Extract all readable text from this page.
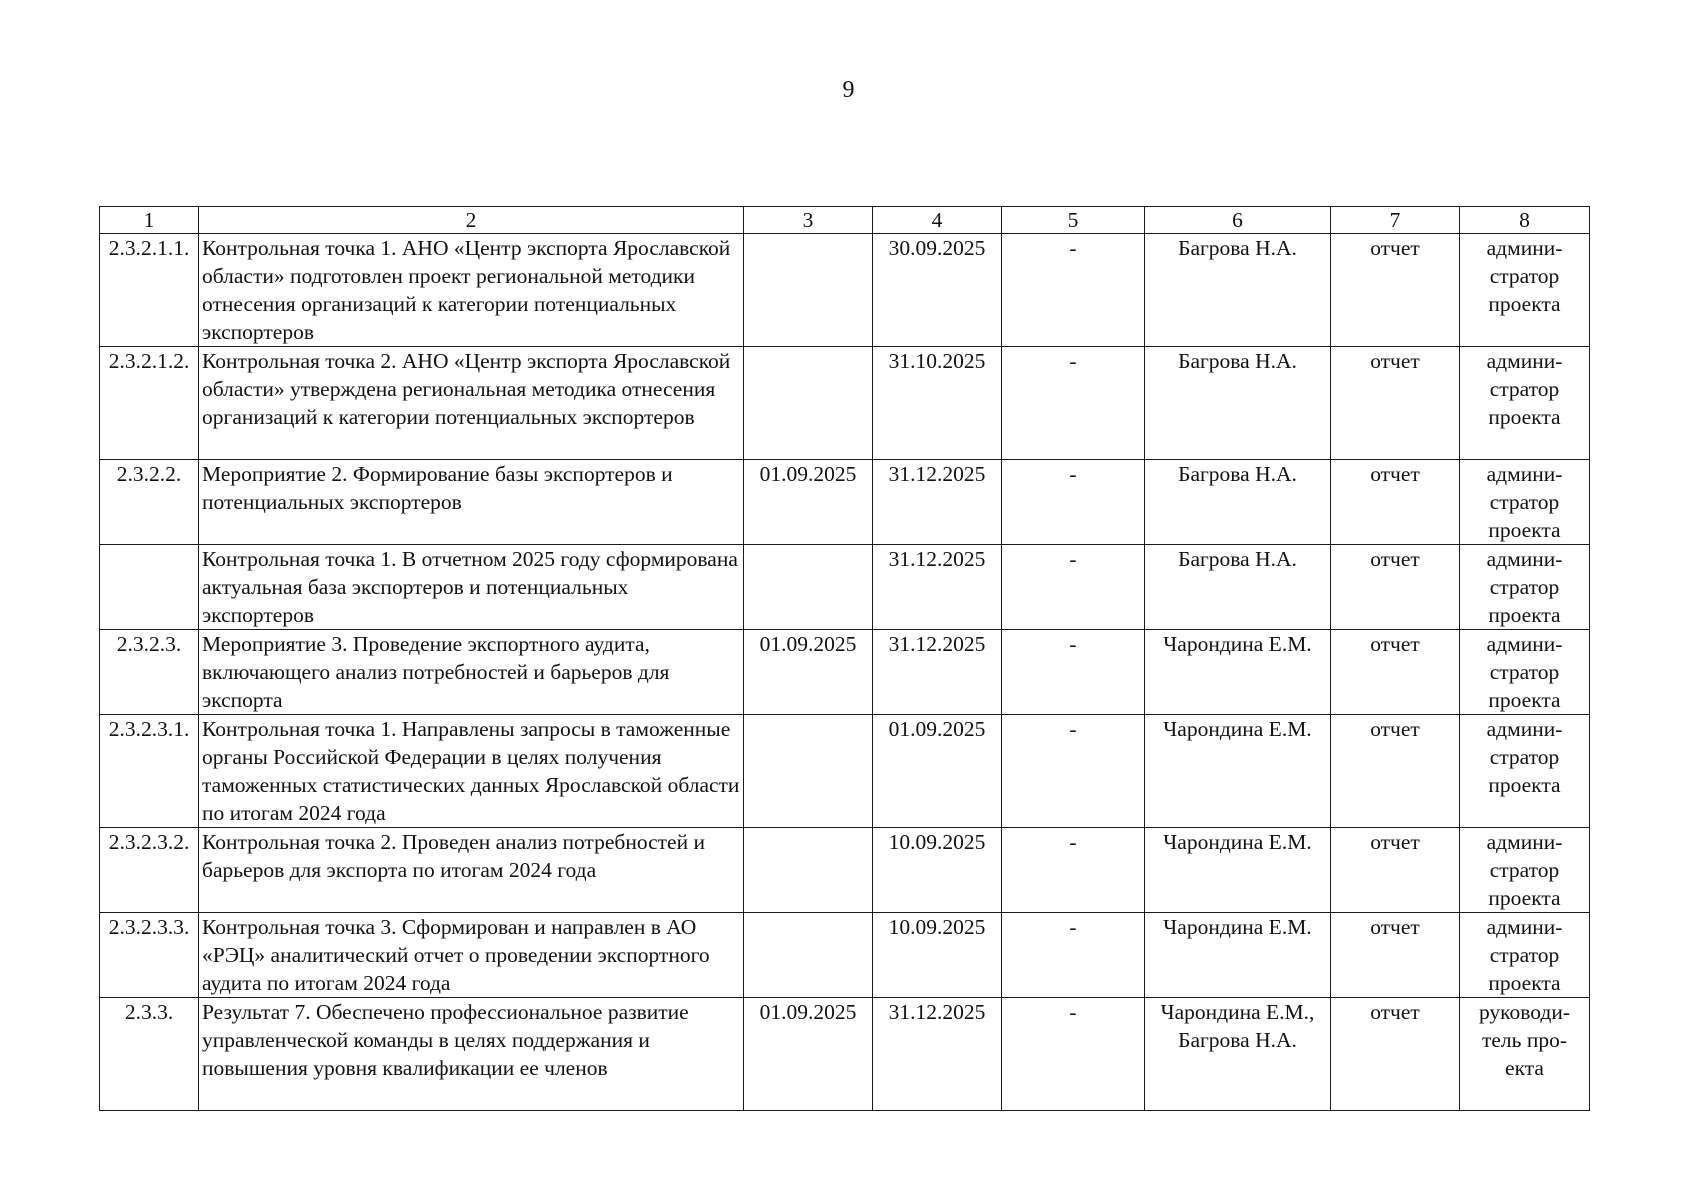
9
1	2	3	4	5	6	7	8
2.3.2.1.1.	Контрольная точка 1. АНО «Центр экспорта Ярославской области» подготовлен проект региональной методики отнесения организаций к категории потенциальных экспортеров		30.09.2025	-	Багрова Н.А.	отчет	админи-стратор проекта
2.3.2.1.2.	Контрольная точка 2. АНО «Центр экспорта Ярославской области» утверждена региональная методика отнесения организаций к категории потенциальных экспортеров		31.10.2025	-	Багрова Н.А.	отчет	админи-стратор проекта
2.3.2.2.	Мероприятие 2. Формирование базы экспортеров и потенциальных экспортеров	01.09.2025	31.12.2025	-	Багрова Н.А.	отчет	админи-стратор проекта
	Контрольная точка 1. В отчетном 2025 году сформирована актуальная база экспортеров и потенциальных экспортеров		31.12.2025	-	Багрова Н.А.	отчет	админи-стратор проекта
2.3.2.3.	Мероприятие 3. Проведение экспортного аудита, включающего анализ потребностей и барьеров для экспорта	01.09.2025	31.12.2025	-	Чарондина Е.М.	отчет	админи-стратор проекта
2.3.2.3.1.	Контрольная точка 1. Направлены запросы в таможенные органы Российской Федерации в целях получения таможенных статистических данных Ярославской области по итогам 2024 года		01.09.2025	-	Чарондина Е.М.	отчет	админи-стратор проекта
2.3.2.3.2.	Контрольная точка 2. Проведен анализ потребностей и барьеров для экспорта по итогам 2024 года		10.09.2025	-	Чарондина Е.М.	отчет	админи-стратор проекта
2.3.2.3.3.	Контрольная точка 3. Сформирован и направлен в АО «РЭЦ» аналитический отчет о проведении экспортного аудита по итогам 2024 года		10.09.2025	-	Чарондина Е.М.	отчет	админи-стратор проекта
2.3.3.	Результат 7. Обеспечено профессиональное развитие управленческой команды в целях поддержания и повышения уровня квалификации ее членов	01.09.2025	31.12.2025	-	Чарондина Е.М., Багрова Н.А.	отчет	руководи-тель про-екта
